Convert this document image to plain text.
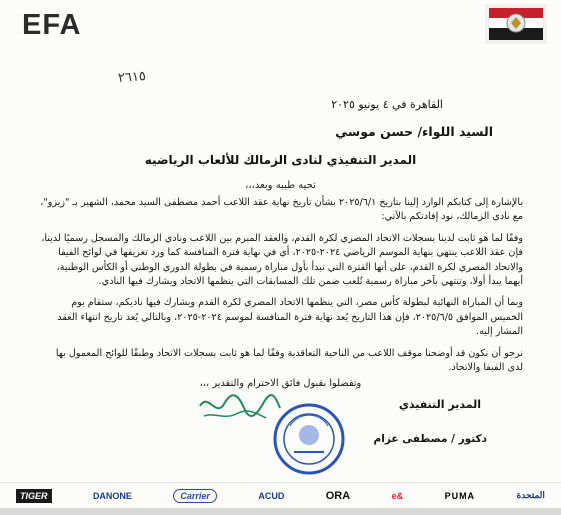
EFA
٢٦١٥
القاهرة في ٤ يونيو ٢٠٢٥
السيد اللواء/ حسن موسي
المدير التنفيذي لنادى الزمالك للألعاب الرياضيه
تحيه طيبه وبعد،،،

بالإشارة إلى كتابكم الوارد إلينا بتاريخ ٢٠٢٥/٦/١ بشأن تاريخ نهاية عقد اللاعب أحمد مصطفى السيد محمد، الشهير بـ "زيزو"، مع نادي الزمالك، نود إفادتكم بالآتي:

وفقًا لما هو ثابت لدينا بسجلات الاتحاد المصري لكرة القدم، والعقد المبرم بين اللاعب ونادي الزمالك والمسجل رسميًا لدينا، فإن عقد اللاعب ينتهي بنهاية الموسم الرياضي ٢٠٢٤-٢٠٢٥، أي في نهاية فترة المنافسة كما ورد تعريفها في لوائح الفيفا والاتحاد المصري لكرة القدم، على أنها الفترة التي تبدأ بأول مباراة رسمية في بطولة الدوري الوطني أو الكأس الوطنية، أيهما يبدأ أولا، وتنتهي بآخر مباراة رسمية تُلعب ضمن تلك المسابقات التي ينظمها الاتحاد ويشارك فيها النادي.

وبما أن المباراة النهائية لبطولة كأس مصر، التي ينظمها الاتحاد المصري لكرة القدم ويشارك فيها ناديكم، ستقام يوم الخميس الموافق ٢٠٢٥/٦/٥، فإن هذا التاريخ يُعد نهاية فترة المنافسة لموسم ٢٠٢٤-٢٠٢٥، وبالتالي يُعد تاريخ انتهاء العقد المشار إليه.

نرجو أن نكون قد أوضحنا موقف اللاعب من الناحية التعاقدية وفقًا لما هو ثابت بسجلات الاتحاد وطبقًا للوائح المعمول بها لدى الفيفا والاتحاد.

وتفضلوا بقبول فائق الاحترام والتقدير ،،،
المدير التنفيذي
دكتور / مصطفى عزام
TIGER	DANONE	Carrier	ACUD	ORA	e&	PUMA	المتحدة
